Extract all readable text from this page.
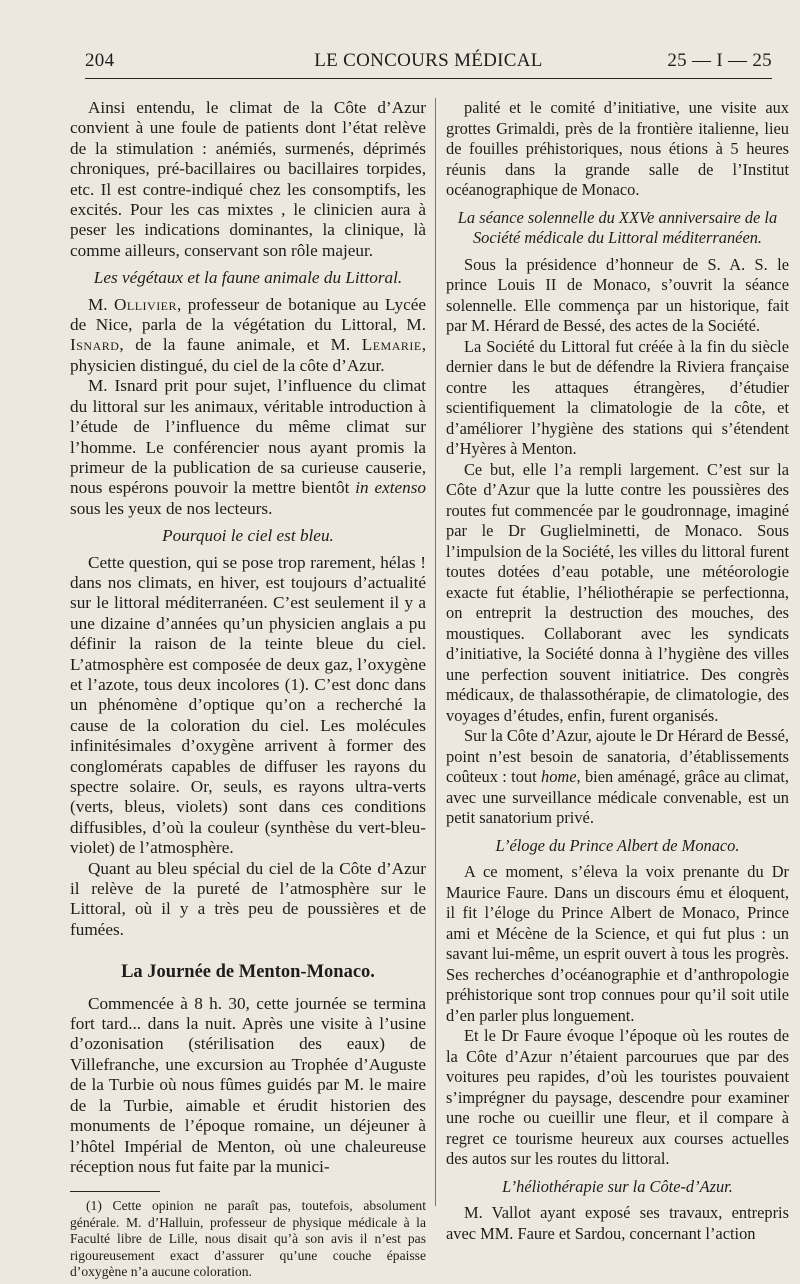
204	LE CONCOURS MÉDICAL	25 — I — 25

Ainsi entendu, le climat de la Côte d’Azur convient à une foule de patients dont l’état relève de la stimulation : anémiés, surmenés, déprimés chroniques, pré-bacillaires ou bacillaires torpides, etc. Il est contre-indiqué chez les consomptifs, les excités. Pour les cas mixtes , le clinicien aura à peser les indications dominantes, la clinique, là comme ailleurs, conservant son rôle majeur.

Les végétaux et la faune animale du Littoral.

M. Ollivier, professeur de botanique au Lycée de Nice, parla de la végétation du Littoral, M. Isnard, de la faune animale, et M. Lemarie, physicien distingué, du ciel de la côte d’Azur.

M. Isnard prit pour sujet, l’influence du climat du littoral sur les animaux, véritable introduction à l’étude de l’influence du même climat sur l’homme. Le conférencier nous ayant promis la primeur de la publication de sa curieuse causerie, nous espérons pouvoir la mettre bientôt in extenso sous les yeux de nos lecteurs.

Pourquoi le ciel est bleu.

Cette question, qui se pose trop rarement, hélas ! dans nos climats, en hiver, est toujours d’actualité sur le littoral méditerranéen. C’est seulement il y a une dizaine d’années qu’un physicien anglais a pu définir la raison de la teinte bleue du ciel. L’atmosphère est composée de deux gaz, l’oxygène et l’azote, tous deux incolores (1). C’est donc dans un phénomène d’optique qu’on a recherché la cause de la coloration du ciel. Les molécules infinitésimales d’oxygène arrivent à former des conglomérats capables de diffuser les rayons du spectre solaire. Or, seuls, es rayons ultra-verts (verts, bleus, violets) sont dans ces conditions diffusibles, d’où la couleur (synthèse du vert-bleu-violet) de l’atmosphère.

Quant au bleu spécial du ciel de la Côte d’Azur il relève de la pureté de l’atmosphère sur le Littoral, où il y a très peu de poussières et de fumées.

La Journée de Menton-Monaco.

Commencée à 8 h. 30, cette journée se termina fort tard... dans la nuit. Après une visite à l’usine d’ozonisation (stérilisation des eaux) de Villefranche, une excursion au Trophée d’Auguste de la Turbie où nous fûmes guidés par M. le maire de la Turbie, aimable et érudit historien des monuments de l’époque romaine, un déjeuner à l’hôtel Impérial de Menton, où une chaleureuse réception nous fut faite par la munici-

(1) Cette opinion ne paraît pas, toutefois, absolument générale. M. d’Halluin, professeur de physique médicale à la Faculté libre de Lille, nous disait qu’à son avis il n’est pas rigoureusement exact d’assurer qu’une couche épaisse d’oxygène n’a aucune coloration.

palité et le comité d’initiative, une visite aux grottes Grimaldi, près de la frontière italienne, lieu de fouilles préhistoriques, nous étions à 5 heures réunis dans la grande salle de l’Institut océanographique de Monaco.

La séance solennelle du XXVe anniversaire de la Société médicale du Littoral méditerranéen.

Sous la présidence d’honneur de S. A. S. le prince Louis II de Monaco, s’ouvrit la séance solennelle. Elle commença par un historique, fait par M. Hérard de Bessé, des actes de la Société.

La Société du Littoral fut créée à la fin du siècle dernier dans le but de défendre la Riviera française contre les attaques étrangères, d’étudier scientifiquement la climatologie de la côte, et d’améliorer l’hygiène des stations qui s’étendent d’Hyères à Menton.

Ce but, elle l’a rempli largement. C’est sur la Côte d’Azur que la lutte contre les poussières des routes fut commencée par le goudronnage, imaginé par le Dr Guglielminetti, de Monaco. Sous l’impulsion de la Société, les villes du littoral furent toutes dotées d’eau potable, une météorologie exacte fut établie, l’héliothérapie se perfectionna, on entreprit la destruction des mouches, des moustiques. Collaborant avec les syndicats d’initiative, la Société donna à l’hygiène des villes une perfection souvent initiatrice. Des congrès médicaux, de thalassothérapie, de climatologie, des voyages d’études, enfin, furent organisés.

Sur la Côte d’Azur, ajoute le Dr Hérard de Bessé, point n’est besoin de sanatoria, d’établissements coûteux : tout home, bien aménagé, grâce au climat, avec une surveillance médicale convenable, est un petit sanatorium privé.

L’éloge du Prince Albert de Monaco.

A ce moment, s’éleva la voix prenante du Dr Maurice Faure. Dans un discours ému et éloquent, il fit l’éloge du Prince Albert de Monaco, Prince ami et Mécène de la Science, et qui fut plus : un savant lui-même, un esprit ouvert à tous les progrès. Ses recherches d’océanographie et d’anthropologie préhistorique sont trop connues pour qu’il soit utile d’en parler plus longuement.

Et le Dr Faure évoque l’époque où les routes de la Côte d’Azur n’étaient parcourues que par des voitures peu rapides, d’où les touristes pouvaient s’imprégner du paysage, descendre pour examiner une roche ou cueillir une fleur, et il compare à regret ce tourisme heureux aux courses actuelles des autos sur les routes du littoral.

L’héliothérapie sur la Côte-d’Azur.

M. Vallot ayant exposé ses travaux, entrepris avec MM. Faure et Sardou, concernant l’action
